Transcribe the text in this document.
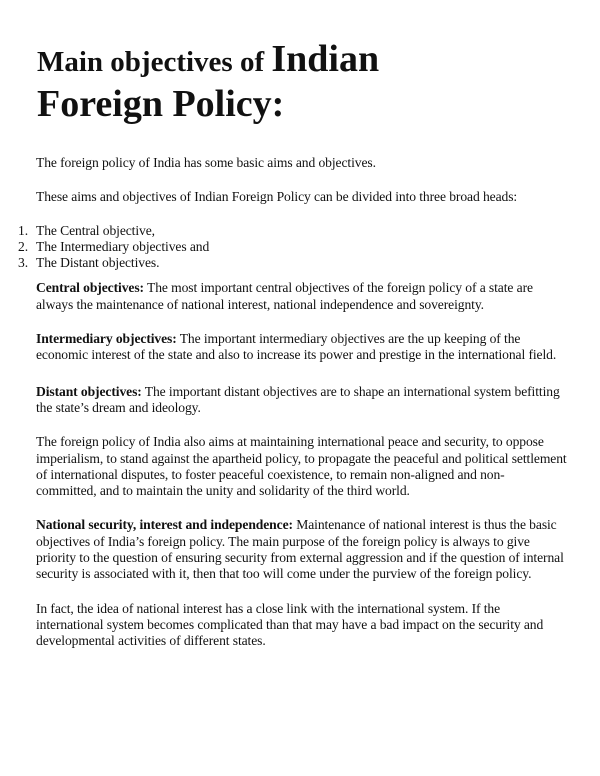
Main objectives of Indian
Foreign Policy:

The foreign policy of India has some basic aims and objectives.

These aims and objectives of Indian Foreign Policy can be divided into three broad heads:

1. The Central objective,
2. The Intermediary objectives and
3. The Distant objectives.

Central objectives: The most important central objectives of the foreign policy of a state are always the maintenance of national interest, national independence and sovereignty.

Intermediary objectives: The important intermediary objectives are the up keeping of the economic interest of the state and also to increase its power and prestige in the international field.

Distant objectives: The important distant objectives are to shape an international system befitting the state’s dream and ideology.

The foreign policy of India also aims at maintaining international peace and security, to oppose imperialism, to stand against the apartheid policy, to propagate the peaceful and political settlement of international disputes, to foster peaceful coexistence, to remain non-aligned and non- committed, and to maintain the unity and solidarity of the third world.

National security, interest and independence: Maintenance of national interest is thus the basic objectives of India’s foreign policy. The main purpose of the foreign policy is always to give priority to the question of ensuring security from external aggression and if the question of internal security is associated with it, then that too will come under the purview of the foreign policy.

In fact, the idea of national interest has a close link with the international system. If the international system becomes complicated than that may have a bad impact on the security and developmental activities of different states.
